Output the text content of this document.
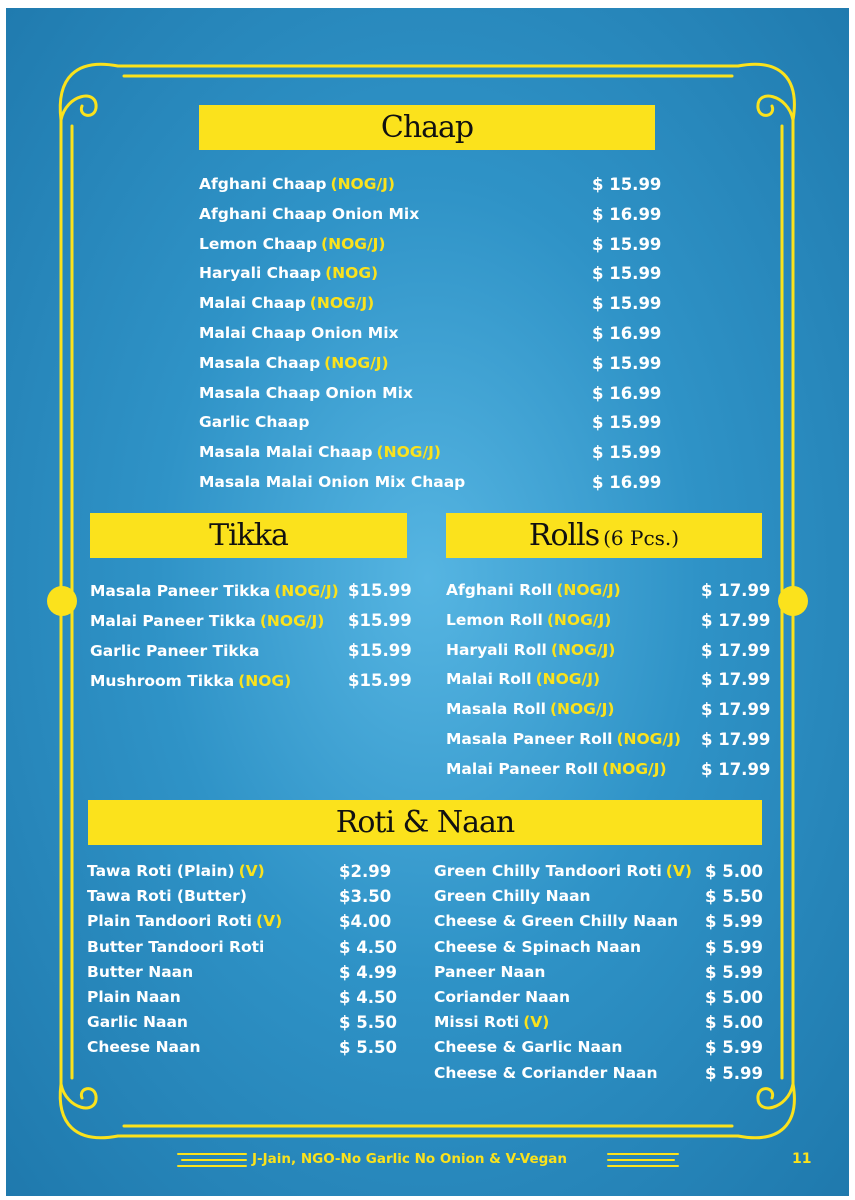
Chaap
Afghani Chaap (NOG/J)	$ 15.99
Afghani Chaap Onion Mix	$ 16.99
Lemon Chaap (NOG/J)	$ 15.99
Haryali Chaap (NOG)	$ 15.99
Malai Chaap (NOG/J)	$ 15.99
Malai Chaap Onion Mix	$ 16.99
Masala Chaap (NOG/J)	$ 15.99
Masala Chaap Onion Mix	$ 16.99
Garlic Chaap	$ 15.99
Masala Malai Chaap (NOG/J)	$ 15.99
Masala Malai Onion Mix Chaap	$ 16.99
Tikka
Masala Paneer Tikka (NOG/J) $15.99
Malai Paneer Tikka (NOG/J) $15.99
Garlic Paneer Tikka	$15.99
Mushroom Tikka (NOG)	$15.99
Rolls (6 Pcs.)
Afghani Roll (NOG/J)	$ 17.99
Lemon Roll (NOG/J)	$ 17.99
Haryali Roll (NOG/J)	$ 17.99
Malai Roll (NOG/J)	$ 17.99
Masala Roll (NOG/J)	$ 17.99
Masala Paneer Roll (NOG/J) $ 17.99
Malai Paneer Roll (NOG/J) $ 17.99
Roti & Naan
Tawa Roti (Plain) (V)	$2.99
Tawa Roti (Butter)	$3.50
Plain Tandoori Roti (V)	$4.00
Butter Tandoori Roti	$ 4.50
Butter Naan	$ 4.99
Plain Naan	$ 4.50
Garlic Naan	$ 5.50
Cheese Naan	$ 5.50
Green Chilly Tandoori Roti (V) $ 5.00
Green Chilly Naan	$ 5.50
Cheese & Green Chilly Naan $ 5.99
Cheese & Spinach Naan	$ 5.99
Paneer Naan	$ 5.99
Coriander Naan	$ 5.00
Missi Roti (V)	$ 5.00
Cheese & Garlic Naan	$ 5.99
Cheese & Coriander Naan	$ 5.99
J-Jain, NGO-No Garlic No Onion & V-Vegan	11
